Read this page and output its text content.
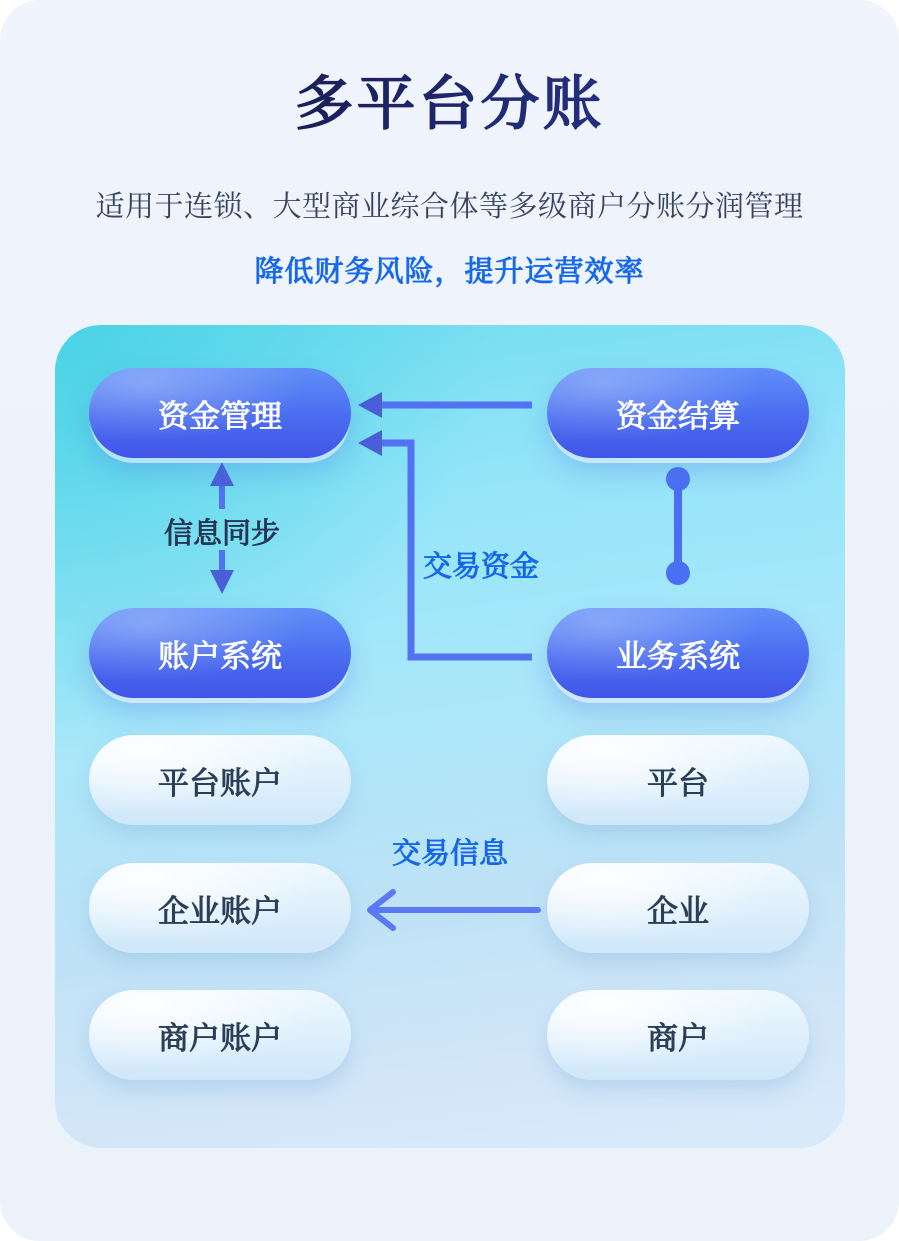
多平台分账

适用于连锁、大型商业综合体等多级商户分账分润管理

降低财务风险，提升运营效率

资金管理	资金结算
账户系统	业务系统
平台账户	平台
企业账户	企业
商户账户	商户
信息同步
交易资金
交易信息
